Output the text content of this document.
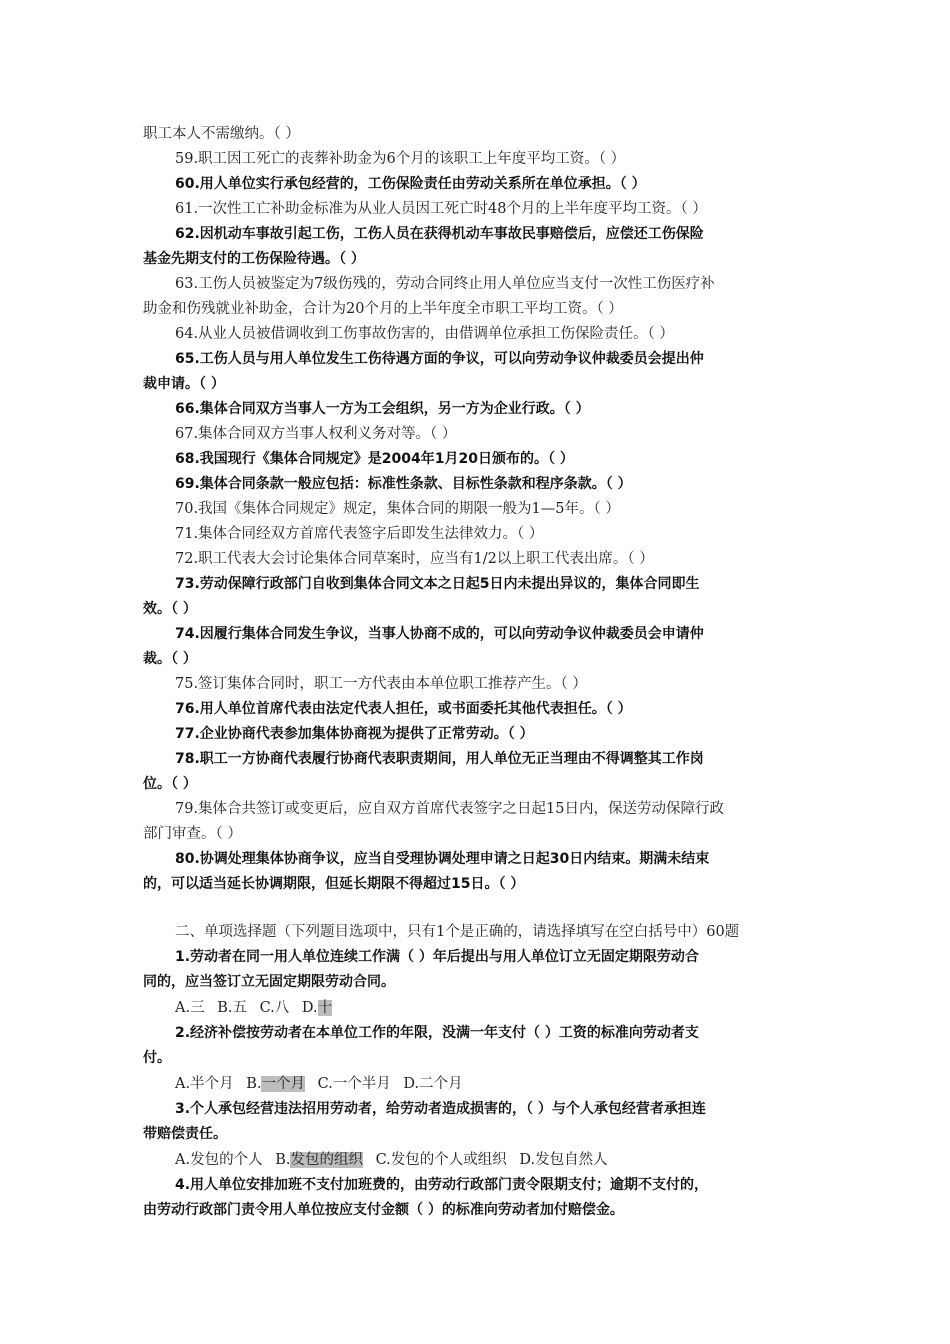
职工本人不需缴纳。（ ）
59.职工因工死亡的丧葬补助金为6个月的该职工上年度平均工资。（ ）
60.用人单位实行承包经营的，工伤保险责任由劳动关系所在单位承担。（ ）
61.一次性工亡补助金标准为从业人员因工死亡时48个月的上半年度平均工资。（ ）
62.因机动车事故引起工伤，工伤人员在获得机动车事故民事赔偿后，应偿还工伤保险
基金先期支付的工伤保险待遇。（ ）
63.工伤人员被鉴定为7级伤残的，劳动合同终止用人单位应当支付一次性工伤医疗补
助金和伤残就业补助金，合计为20个月的上半年度全市职工平均工资。（ ）
64.从业人员被借调收到工伤事故伤害的，由借调单位承担工伤保险责任。（ ）
65.工伤人员与用人单位发生工伤待遇方面的争议，可以向劳动争议仲裁委员会提出仲
裁申请。（ ）
66.集体合同双方当事人一方为工会组织，另一方为企业行政。（ ）
67.集体合同双方当事人权利义务对等。（ ）
68.我国现行《集体合同规定》是2004年1月20日颁布的。（ ）
69.集体合同条款一般应包括：标准性条款、目标性条款和程序条款。（ ）
70.我国《集体合同规定》规定，集体合同的期限一般为1—5年。（ ）
71.集体合同经双方首席代表签字后即发生法律效力。（ ）
72.职工代表大会讨论集体合同草案时，应当有1/2以上职工代表出席。（ ）
73.劳动保障行政部门自收到集体合同文本之日起5日内未提出异议的，集体合同即生
效。（ ）
74.因履行集体合同发生争议，当事人协商不成的，可以向劳动争议仲裁委员会申请仲
裁。（ ）
75.签订集体合同时，职工一方代表由本单位职工推荐产生。（ ）
76.用人单位首席代表由法定代表人担任，或书面委托其他代表担任。（ ）
77.企业协商代表参加集体协商视为提供了正常劳动。（ ）
78.职工一方协商代表履行协商代表职责期间，用人单位无正当理由不得调整其工作岗
位。（ ）
79.集体合共签订或变更后，应自双方首席代表签字之日起15日内，保送劳动保障行政
部门审查。（ ）
80.协调处理集体协商争议，应当自受理协调处理申请之日起30日内结束。期满未结束
的，可以适当延长协调期限，但延长期限不得超过15日。（ ）
二、单项选择题（下列题目选项中，只有1个是正确的，请选择填写在空白括号中）60题
1.劳动者在同一用人单位连续工作满（ ）年后提出与用人单位订立无固定期限劳动合
同的，应当签订立无固定期限劳动合同。
A.三 B.五 C.八 D.十
2.经济补偿按劳动者在本单位工作的年限，没满一年支付（ ）工资的标准向劳动者支
付。
A.半个月 B.一个月 C.一个半月 D.二个月
3.个人承包经营违法招用劳动者，给劳动者造成损害的，（ ）与个人承包经营者承担连
带赔偿责任。
A.发包的个人 B.发包的组织 C.发包的个人或组织 D.发包自然人
4.用人单位安排加班不支付加班费的，由劳动行政部门责令限期支付；逾期不支付的，
由劳动行政部门责令用人单位按应支付金额（ ）的标准向劳动者加付赔偿金。
